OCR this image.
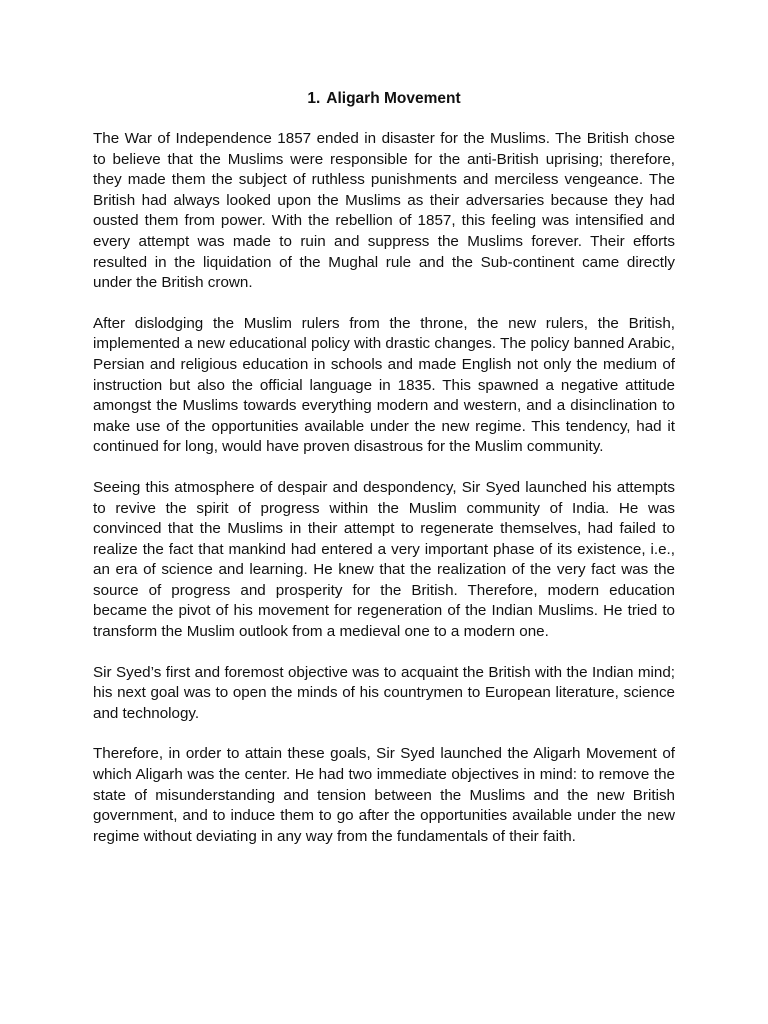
1. Aligarh Movement

The War of Independence 1857 ended in disaster for the Muslims. The British chose to believe that the Muslims were responsible for the anti-British uprising; therefore, they made them the subject of ruthless punishments and merciless vengeance. The British had always looked upon the Muslims as their adversaries because they had ousted them from power. With the rebellion of 1857, this feeling was intensified and every attempt was made to ruin and suppress the Muslims forever. Their efforts resulted in the liquidation of the Mughal rule and the Sub-continent came directly under the British crown.

After dislodging the Muslim rulers from the throne, the new rulers, the British, implemented a new educational policy with drastic changes. The policy banned Arabic, Persian and religious education in schools and made English not only the medium of instruction but also the official language in 1835. This spawned a negative attitude amongst the Muslims towards everything modern and western, and a disinclination to make use of the opportunities available under the new regime. This tendency, had it continued for long, would have proven disastrous for the Muslim community.

Seeing this atmosphere of despair and despondency, Sir Syed launched his attempts to revive the spirit of progress within the Muslim community of India. He was convinced that the Muslims in their attempt to regenerate themselves, had failed to realize the fact that mankind had entered a very important phase of its existence, i.e., an era of science and learning. He knew that the realization of the very fact was the source of progress and prosperity for the British. Therefore, modern education became the pivot of his movement for regeneration of the Indian Muslims. He tried to transform the Muslim outlook from a medieval one to a modern one.

Sir Syed’s first and foremost objective was to acquaint the British with the Indian mind; his next goal was to open the minds of his countrymen to European literature, science and technology.

Therefore, in order to attain these goals, Sir Syed launched the Aligarh Movement of which Aligarh was the center. He had two immediate objectives in mind: to remove the state of misunderstanding and tension between the Muslims and the new British government, and to induce them to go after the opportunities available under the new regime without deviating in any way from the fundamentals of their faith.
